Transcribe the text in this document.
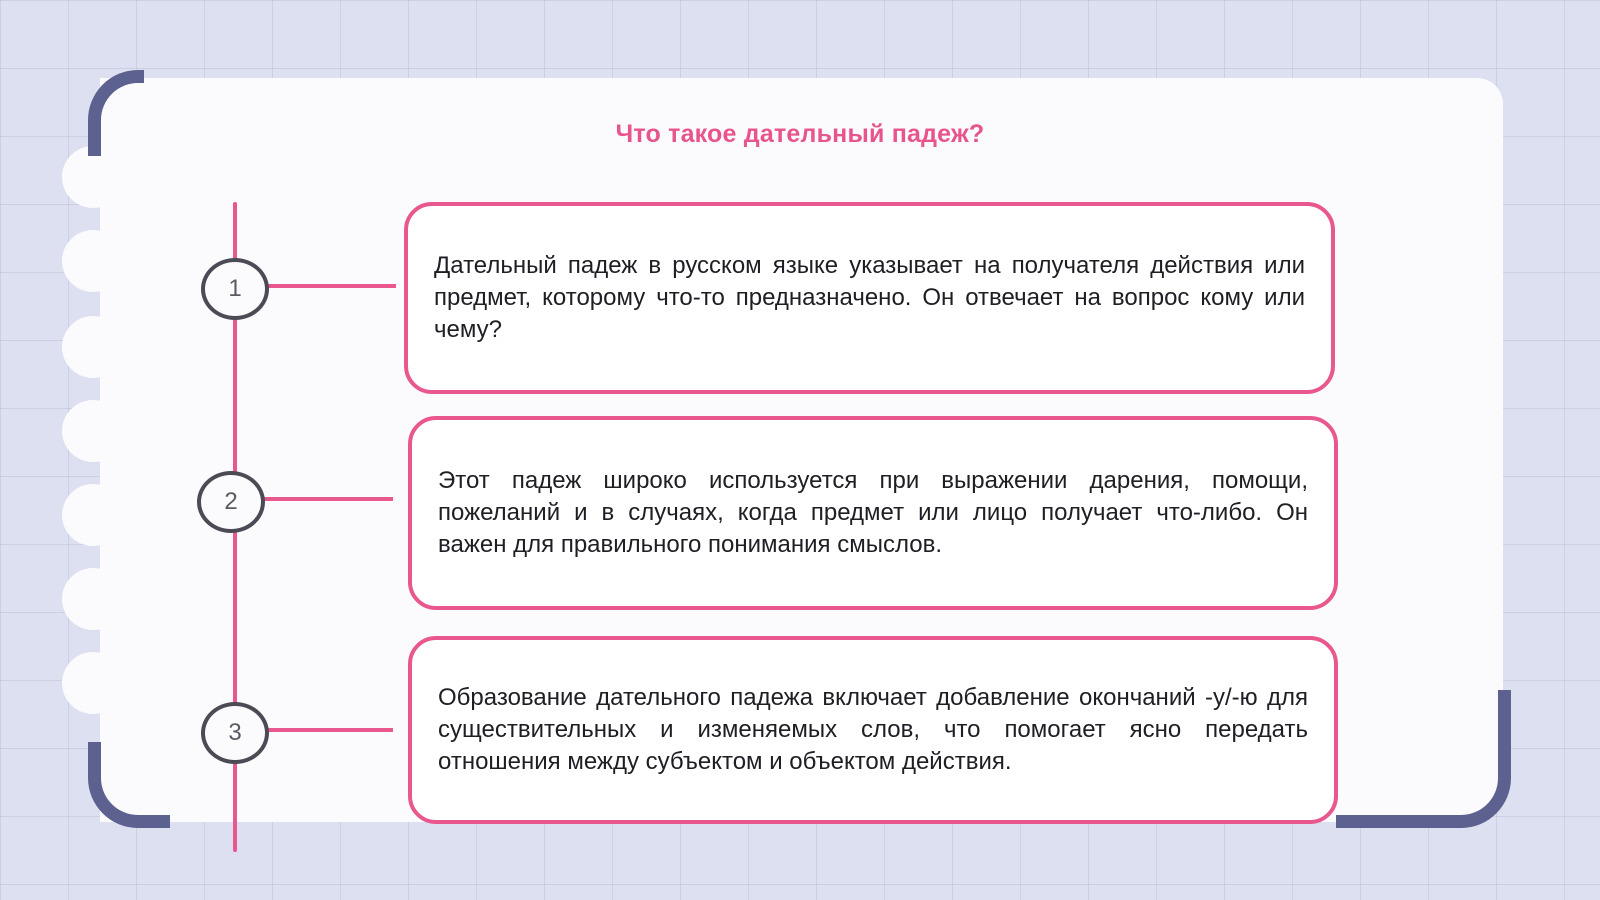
Что такое дательный падеж?
1

Дательный падеж в русском языке указывает на получателя действия или предмет, которому что-то предназначено. Он отвечает на вопрос кому или чему?

2

Этот падеж широко используется при выражении дарения, помощи, пожеланий и в случаях, когда предмет или лицо получает что-либо. Он важен для правильного понимания смыслов.

3

Образование дательного падежа включает добавление окончаний -у/-ю для существительных и изменяемых слов, что помогает ясно передать отношения между субъектом и объектом действия.
